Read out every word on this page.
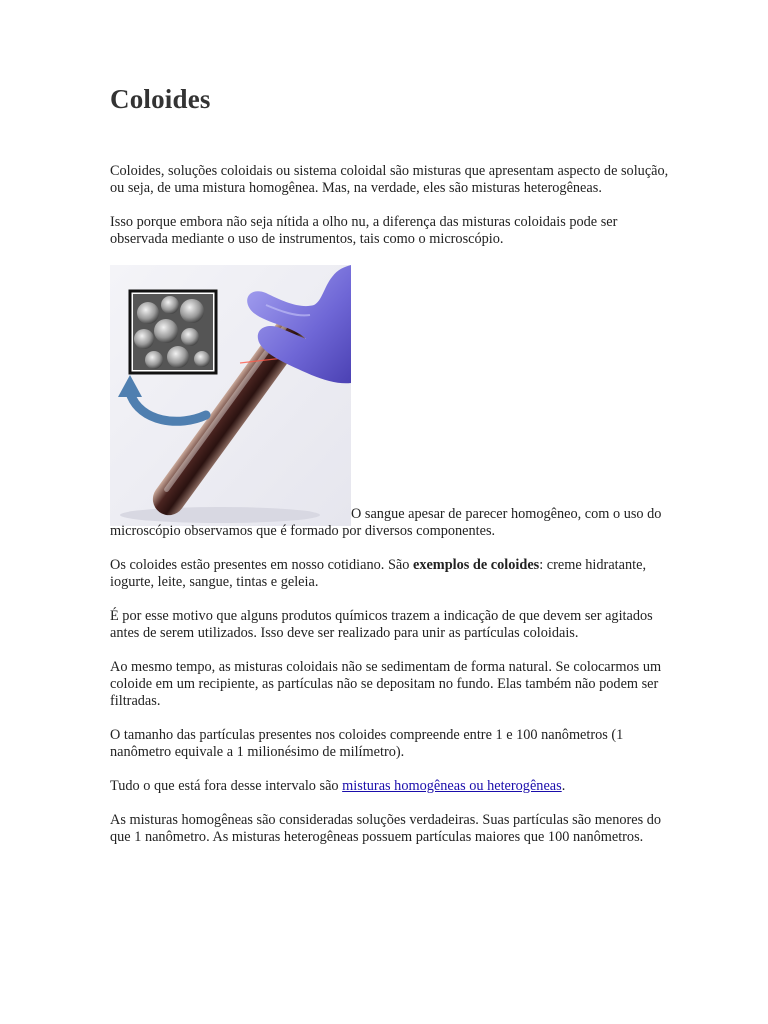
Coloides

Coloides, soluções coloidais ou sistema coloidal são misturas que apresentam aspecto de solução, ou seja, de uma mistura homogênea. Mas, na verdade, eles são misturas heterogêneas.

Isso porque embora não seja nítida a olho nu, a diferença das misturas coloidais pode ser observada mediante o uso de instrumentos, tais como o microscópio.

O sangue apesar de parecer homogêneo, com o uso do microscópio observamos que é formado por diversos componentes.

Os coloides estão presentes em nosso cotidiano. São exemplos de coloides: creme hidratante, iogurte, leite, sangue, tintas e geleia.

É por esse motivo que alguns produtos químicos trazem a indicação de que devem ser agitados antes de serem utilizados. Isso deve ser realizado para unir as partículas coloidais.

Ao mesmo tempo, as misturas coloidais não se sedimentam de forma natural. Se colocarmos um coloide em um recipiente, as partículas não se depositam no fundo. Elas também não podem ser filtradas.

O tamanho das partículas presentes nos coloides compreende entre 1 e 100 nanômetros (1 nanômetro equivale a 1 milionésimo de milímetro).

Tudo o que está fora desse intervalo são misturas homogêneas ou heterogêneas.

As misturas homogêneas são consideradas soluções verdadeiras. Suas partículas são menores do que 1 nanômetro. As misturas heterogêneas possuem partículas maiores que 100 nanômetros.
